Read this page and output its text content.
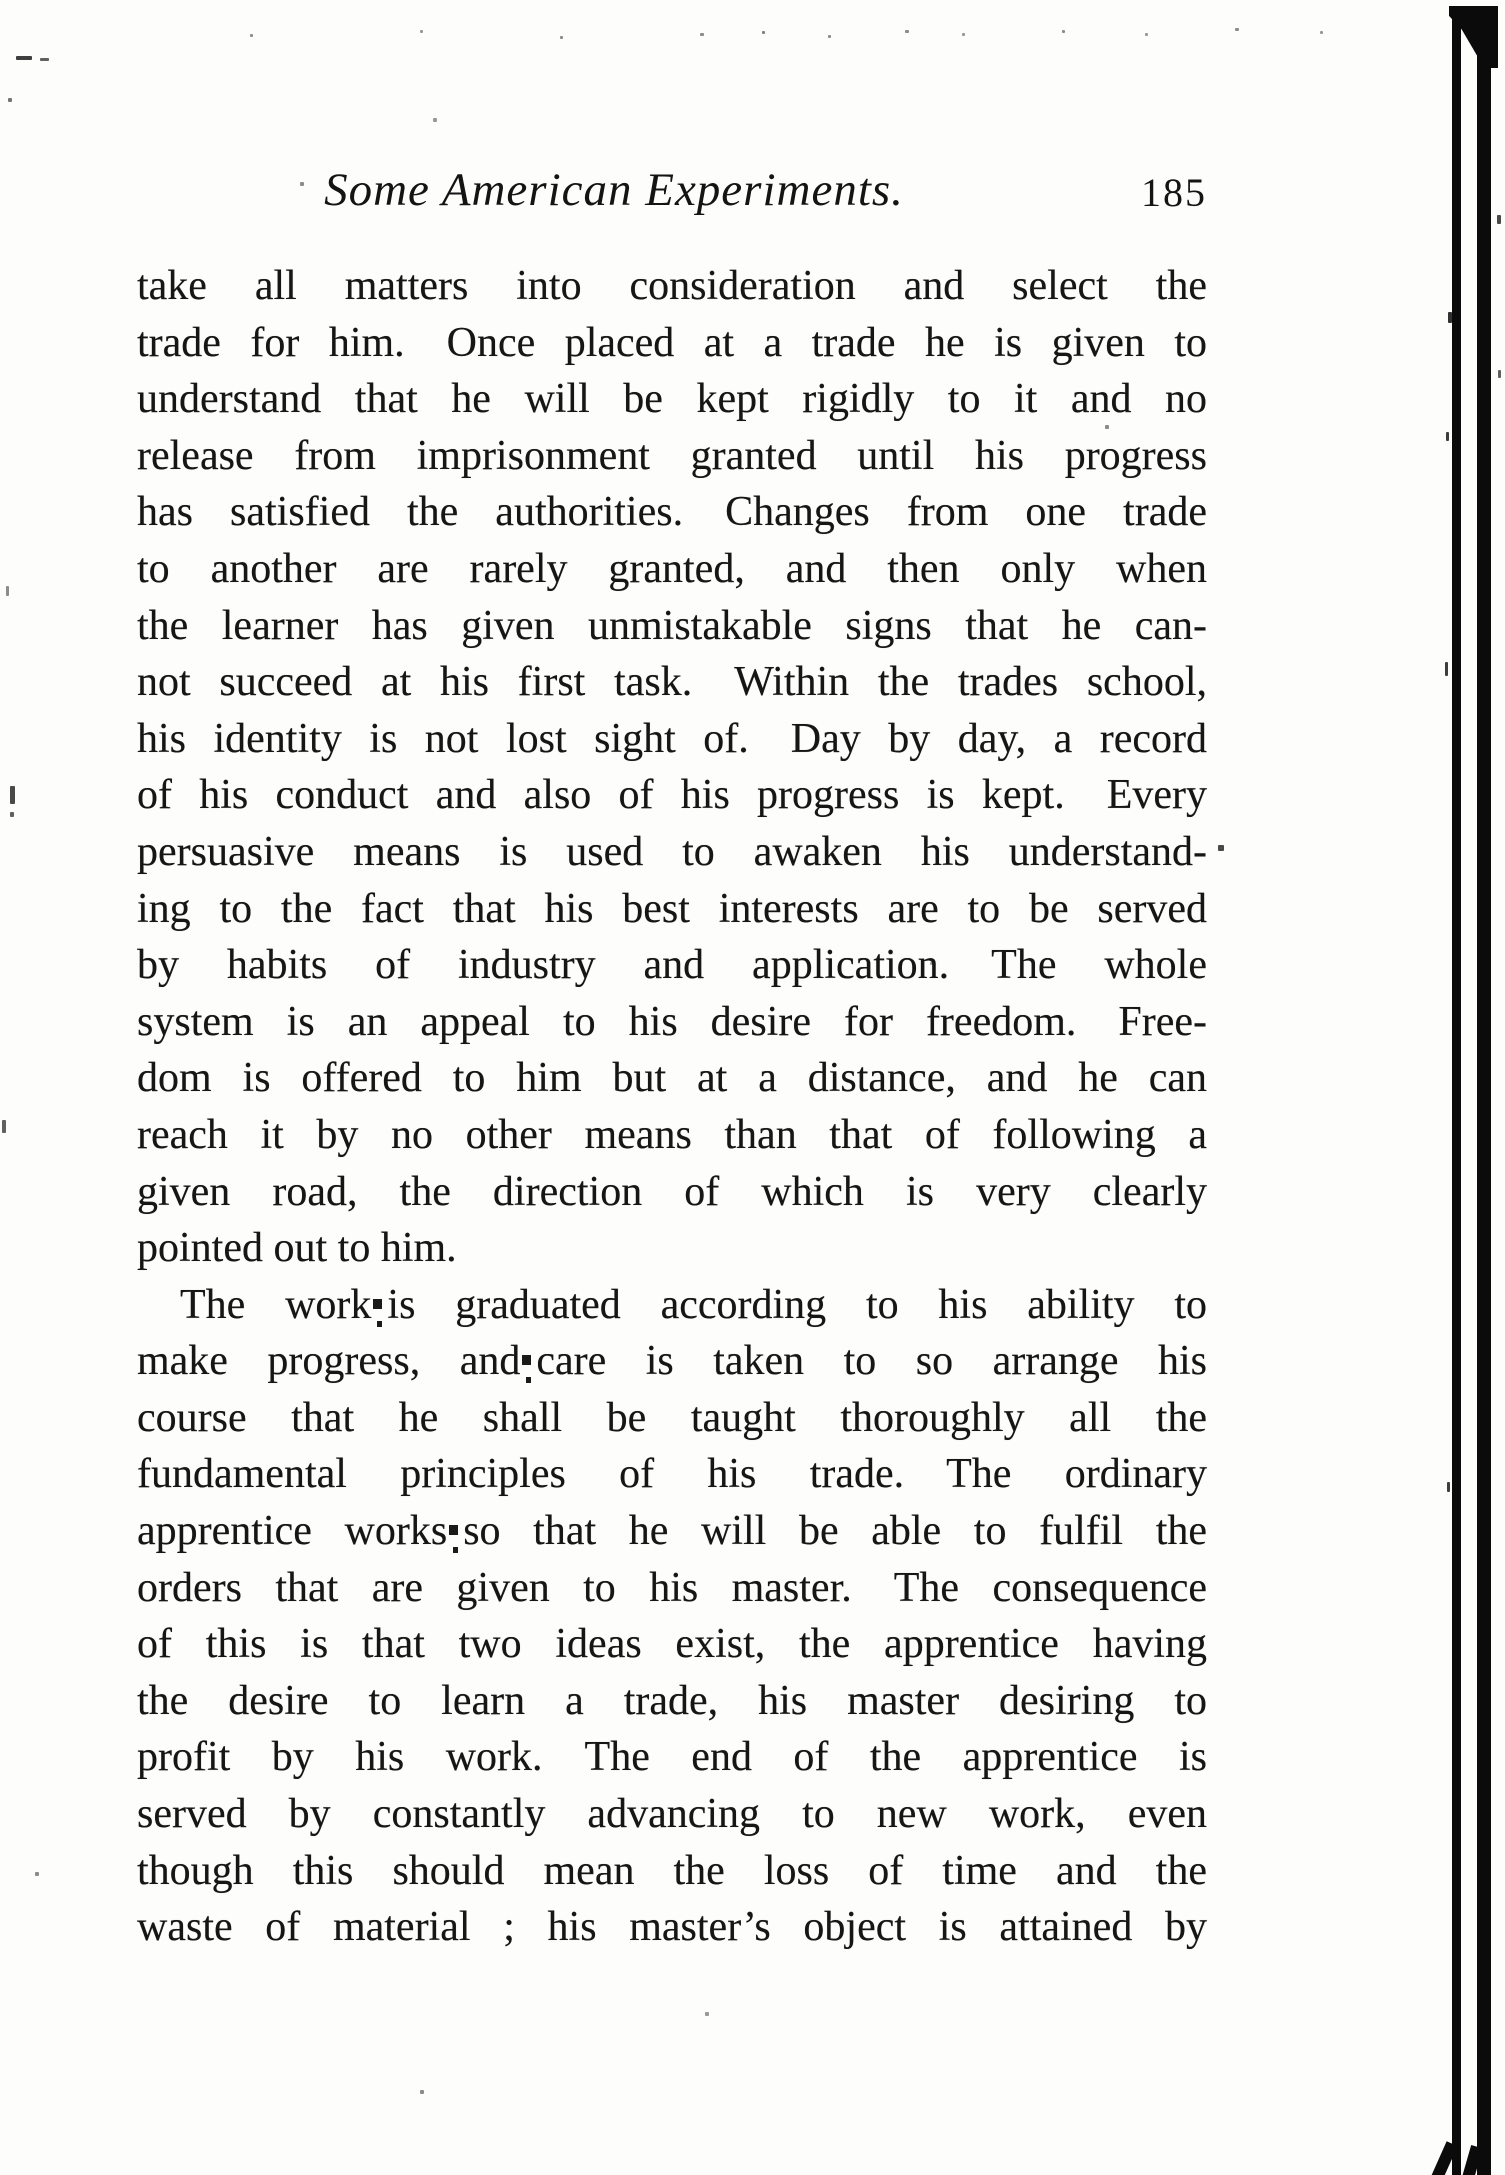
Some American Experiments.	185
take all matters into consideration and select the
trade for him. Once placed at a trade he is given to
understand that he will be kept rigidly to it and no
release from imprisonment granted until his progress
has satisfied the authorities. Changes from one trade
to another are rarely granted, and then only when
the learner has given unmistakable signs that he can-
not succeed at his first task. Within the trades school,
his identity is not lost sight of. Day by day, a record
of his conduct and also of his progress is kept. Every
persuasive means is used to awaken his understand-
ing to the fact that his best interests are to be served
by habits of industry and application. The whole
system is an appeal to his desire for freedom. Free-
dom is offered to him but at a distance, and he can
reach it by no other means than that of following a
given road, the direction of which is very clearly
pointed out to him.
The work is graduated according to his ability to
make progress, and care is taken to so arrange his
course that he shall be taught thoroughly all the
fundamental principles of his trade. The ordinary
apprentice works so that he will be able to fulfil the
orders that are given to his master. The consequence
of this is that two ideas exist, the apprentice having
the desire to learn a trade, his master desiring to
profit by his work. The end of the apprentice is
served by constantly advancing to new work, even
though this should mean the loss of time and the
waste of material ; his master’s object is attained by
